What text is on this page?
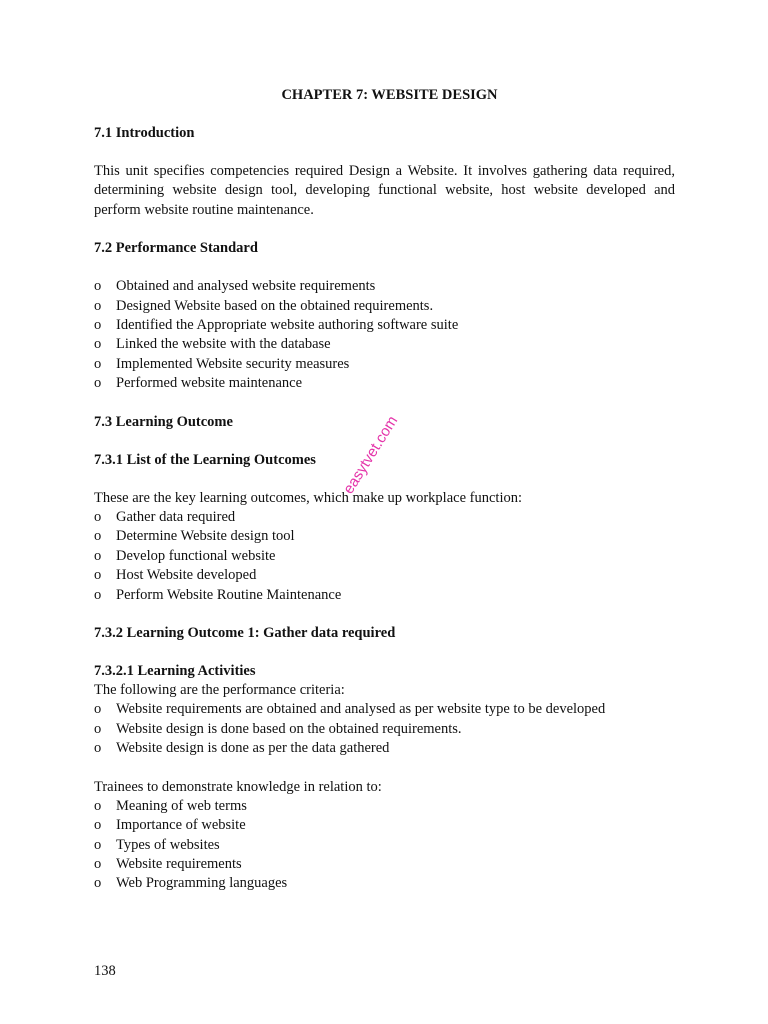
CHAPTER 7: WEBSITE DESIGN
7.1 Introduction

This unit specifies competencies required Design a Website. It involves gathering data required, determining website design tool, developing functional website, host website developed and perform website routine maintenance.

7.2 Performance Standard
o Obtained and analysed website requirements
o Designed Website based on the obtained requirements.
o Identified the Appropriate website authoring software suite
o Linked the website with the database
o Implemented Website security measures
o Performed website maintenance
7.3 Learning Outcome
7.3.1 List of the Learning Outcomes

These are the key learning outcomes, which make up workplace function:

o Gather data required
o Determine Website design tool
o Develop functional website
o Host Website developed
o Perform Website Routine Maintenance
7.3.2 Learning Outcome 1: Gather data required
7.3.2.1 Learning Activities

The following are the performance criteria:

o Website requirements are obtained and analysed as per website type to be developed
o Website design is done based on the obtained requirements.
o Website design is done as per the data gathered

Trainees to demonstrate knowledge in relation to:

o Meaning of web terms
o Importance of website
o Types of websites
o Website requirements
o Web Programming languages
easytvet.com
138
